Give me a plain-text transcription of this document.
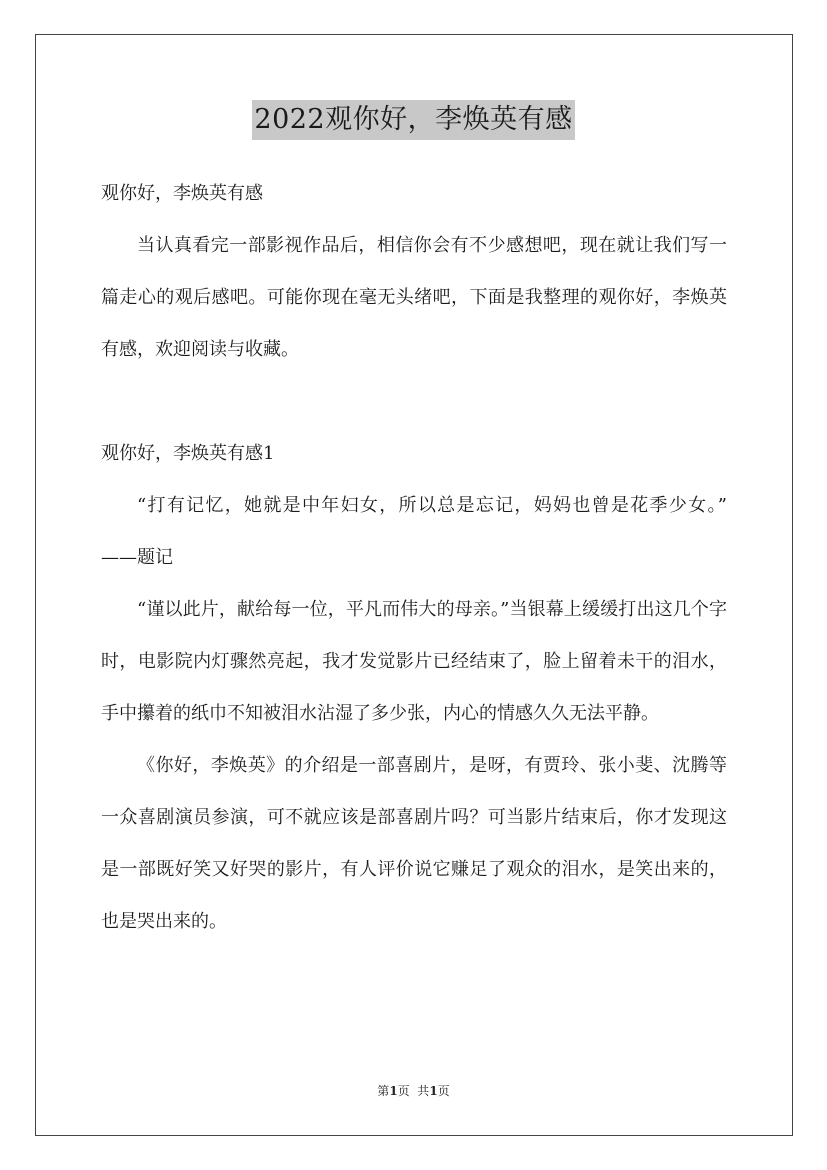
2022观你好，李焕英有感

观你好，李焕英有感

当认真看完一部影视作品后，相信你会有不少感想吧，现在就让我们写一篇走心的观后感吧。可能你现在毫无头绪吧，下面是我整理的观你好，李焕英有感，欢迎阅读与收藏。

观你好，李焕英有感1

“打有记忆，她就是中年妇女，所以总是忘记，妈妈也曾是花季少女。” ——题记

“谨以此片，献给每一位，平凡而伟大的母亲。”当银幕上缓缓打出这几个字时，电影院内灯骤然亮起，我才发觉影片已经结束了，脸上留着未干的泪水，手中攥着的纸巾不知被泪水沾湿了多少张，内心的情感久久无法平静。

《你好，李焕英》的介绍是一部喜剧片，是呀，有贾玲、张小斐、沈腾等一众喜剧演员参演，可不就应该是部喜剧片吗？可当影片结束后，你才发现这是一部既好笑又好哭的影片，有人评价说它赚足了观众的泪水，是笑出来的，也是哭出来的。

第1页  共1页
